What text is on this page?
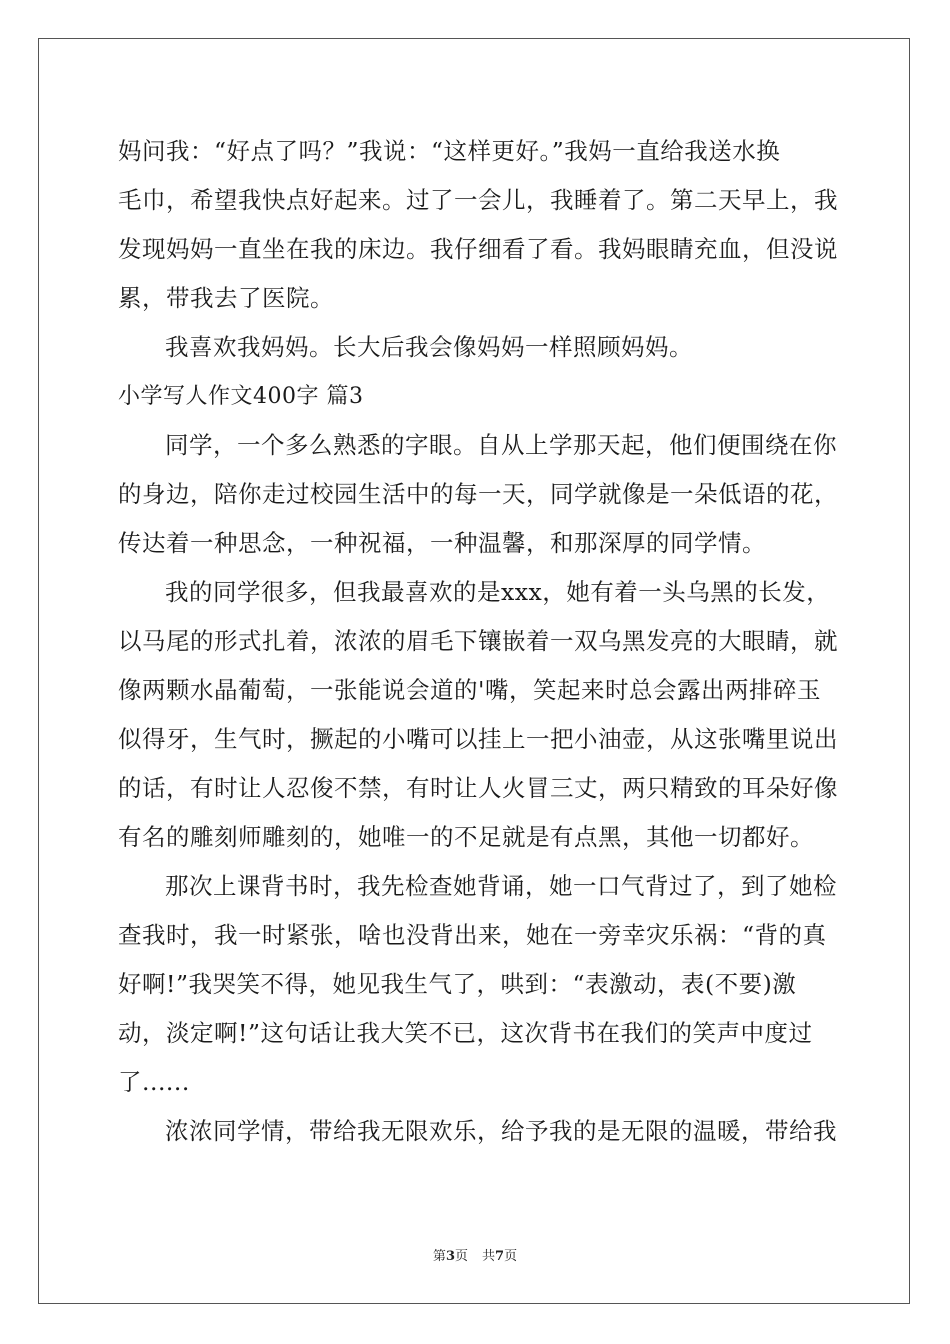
妈问我：“好点了吗？”我说：“这样更好。”我妈一直给我送水换
毛巾，希望我快点好起来。过了一会儿，我睡着了。第二天早上，我
发现妈妈一直坐在我的床边。我仔细看了看。我妈眼睛充血，但没说
累，带我去了医院。
我喜欢我妈妈。长大后我会像妈妈一样照顾妈妈。
小学写人作文400字 篇3
同学，一个多么熟悉的字眼。自从上学那天起，他们便围绕在你
的身边，陪你走过校园生活中的每一天，同学就像是一朵低语的花，
传达着一种思念，一种祝福，一种温馨，和那深厚的同学情。
我的同学很多，但我最喜欢的是xxx，她有着一头乌黑的长发，
以马尾的形式扎着，浓浓的眉毛下镶嵌着一双乌黑发亮的大眼睛，就
像两颗水晶葡萄，一张能说会道的'嘴，笑起来时总会露出两排碎玉
似得牙，生气时，撅起的小嘴可以挂上一把小油壶，从这张嘴里说出
的话，有时让人忍俊不禁，有时让人火冒三丈，两只精致的耳朵好像
有名的雕刻师雕刻的，她唯一的不足就是有点黑，其他一切都好。
那次上课背书时，我先检查她背诵，她一口气背过了，到了她检
查我时，我一时紧张，啥也没背出来，她在一旁幸灾乐祸：“背的真
好啊!”我哭笑不得，她见我生气了，哄到：“表激动，表(不要)激
动，淡定啊!”这句话让我大笑不已，这次背书在我们的笑声中度过
了......
浓浓同学情，带给我无限欢乐，给予我的是无限的温暖，带给我
第3页 共7页
